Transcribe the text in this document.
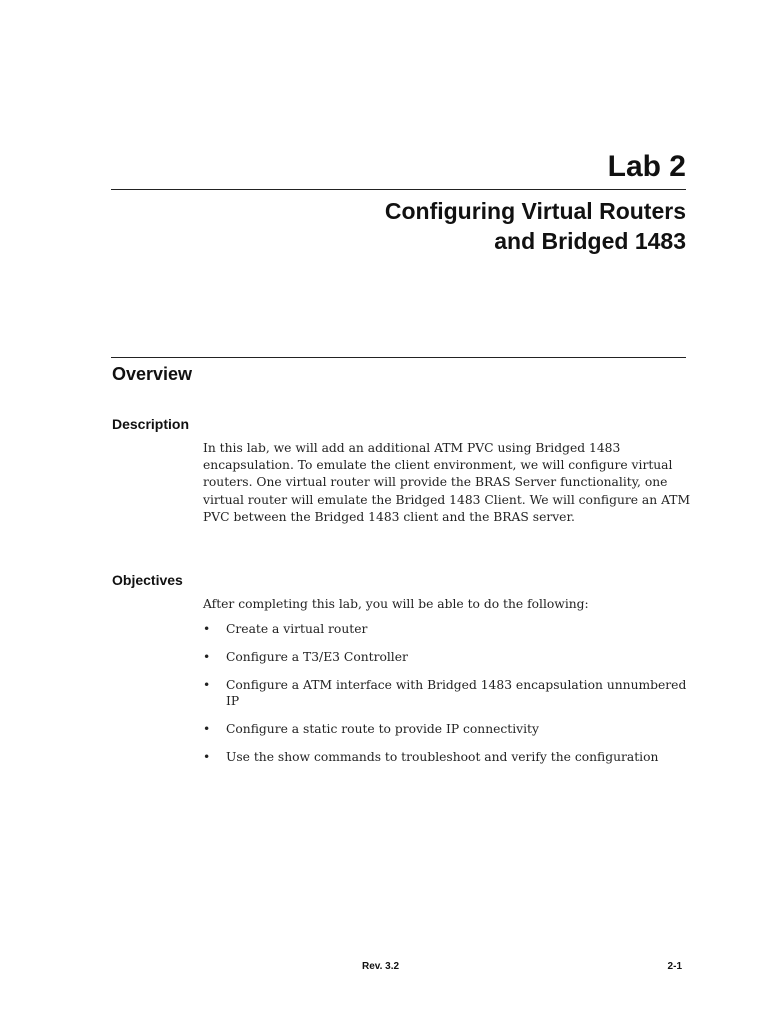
Lab 2
Configuring Virtual Routers
and Bridged 1483
Overview
Description

In this lab, we will add an additional ATM PVC using Bridged 1483 encapsulation. To emulate the client environment, we will configure virtual routers. One virtual router will provide the BRAS Server functionality, one virtual router will emulate the Bridged 1483 Client. We will configure an ATM PVC between the Bridged 1483 client and the BRAS server.

Objectives

After completing this lab, you will be able to do the following:

• Create a virtual router
• Configure a T3/E3 Controller
• Configure a ATM interface with Bridged 1483 encapsulation unnumbered IP
• Configure a static route to provide IP connectivity
• Use the show commands to troubleshoot and verify the configuration

Rev. 3.2	2-1
